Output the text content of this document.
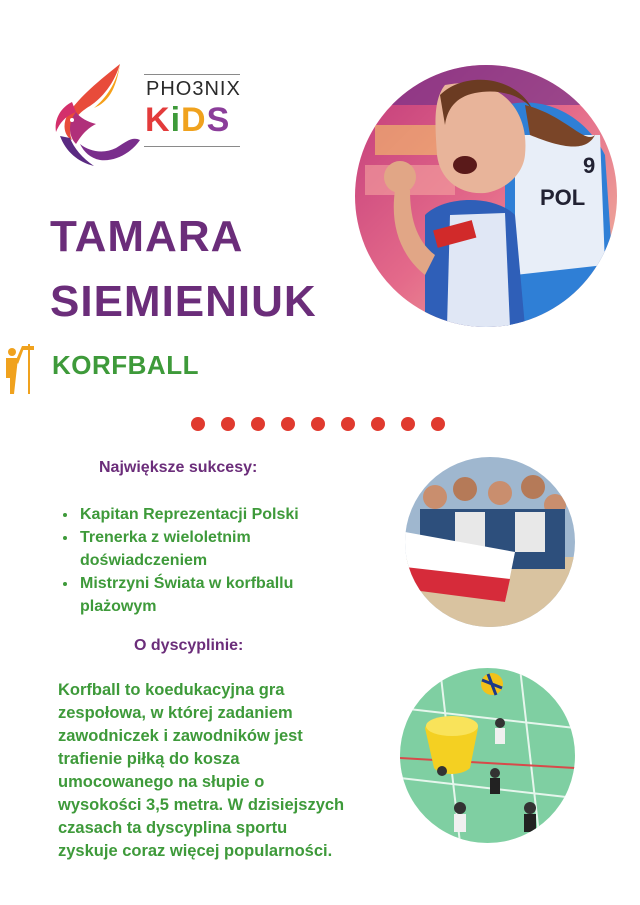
PHO3NIX
KiDS
POL
9
TAMARA
SIEMIENIUK
KORFBALL
Największe sukcesy:
• Kapitan Reprezentacji Polski
• Trenerka z wieloletnim doświadczeniem
• Mistrzyni Świata w korfballu plażowym
O dyscyplinie:

Korfball to koedukacyjna gra zespołowa, w której zadaniem zawodniczek i zawodników jest trafienie piłką do kosza umocowanego na słupie o wysokości 3,5 metra. W dzisiejszych czasach ta dyscyplina sportu zyskuje coraz więcej popularności.
